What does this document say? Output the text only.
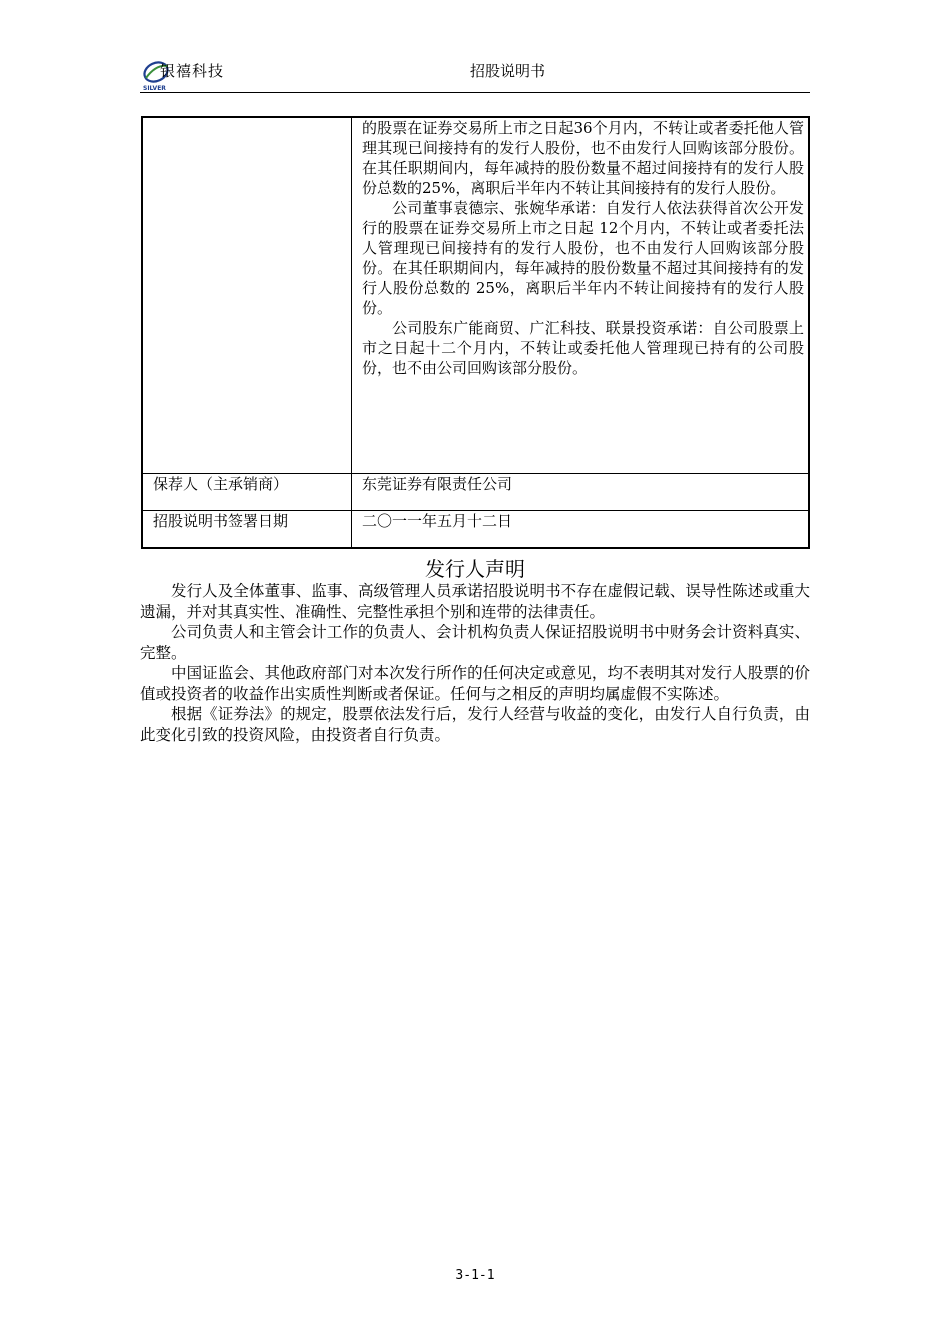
SILVER
银禧科技	招股说明书

	的股票在证券交易所上市之日起36个月内，不转让或者委托他人管理其现已间接持有的发行人股份，也不由发行人回购该部分股份。在其任职期间内，每年减持的股份数量不超过间接持有的发行人股份总数的25%，离职后半年内不转让其间接持有的发行人股份。

公司董事袁德宗、张婉华承诺：自发行人依法获得首次公开发行的股票在证券交易所上市之日起 12个月内，不转让或者委托法人管理现已间接持有的发行人股份，也不由发行人回购该部分股份。在其任职期间内，每年减持的股份数量不超过其间接持有的发行人股份总数的 25%，离职后半年内不转让间接持有的发行人股份。

公司股东广能商贸、广汇科技、联景投资承诺：自公司股票上市之日起十二个月内，不转让或委托他人管理现已持有的公司股份，也不由公司回购该部分股份。

保荐人（主承销商）	东莞证券有限责任公司
招股说明书签署日期	二〇一一年五月十二日
发行人声明

发行人及全体董事、监事、高级管理人员承诺招股说明书不存在虚假记载、误导性陈述或重大遗漏，并对其真实性、准确性、完整性承担个别和连带的法律责任。

公司负责人和主管会计工作的负责人、会计机构负责人保证招股说明书中财务会计资料真实、完整。

中国证监会、其他政府部门对本次发行所作的任何决定或意见，均不表明其对发行人股票的价值或投资者的收益作出实质性判断或者保证。任何与之相反的声明均属虚假不实陈述。

根据《证券法》的规定，股票依法发行后，发行人经营与收益的变化，由发行人自行负责，由此变化引致的投资风险，由投资者自行负责。

3-1-1
